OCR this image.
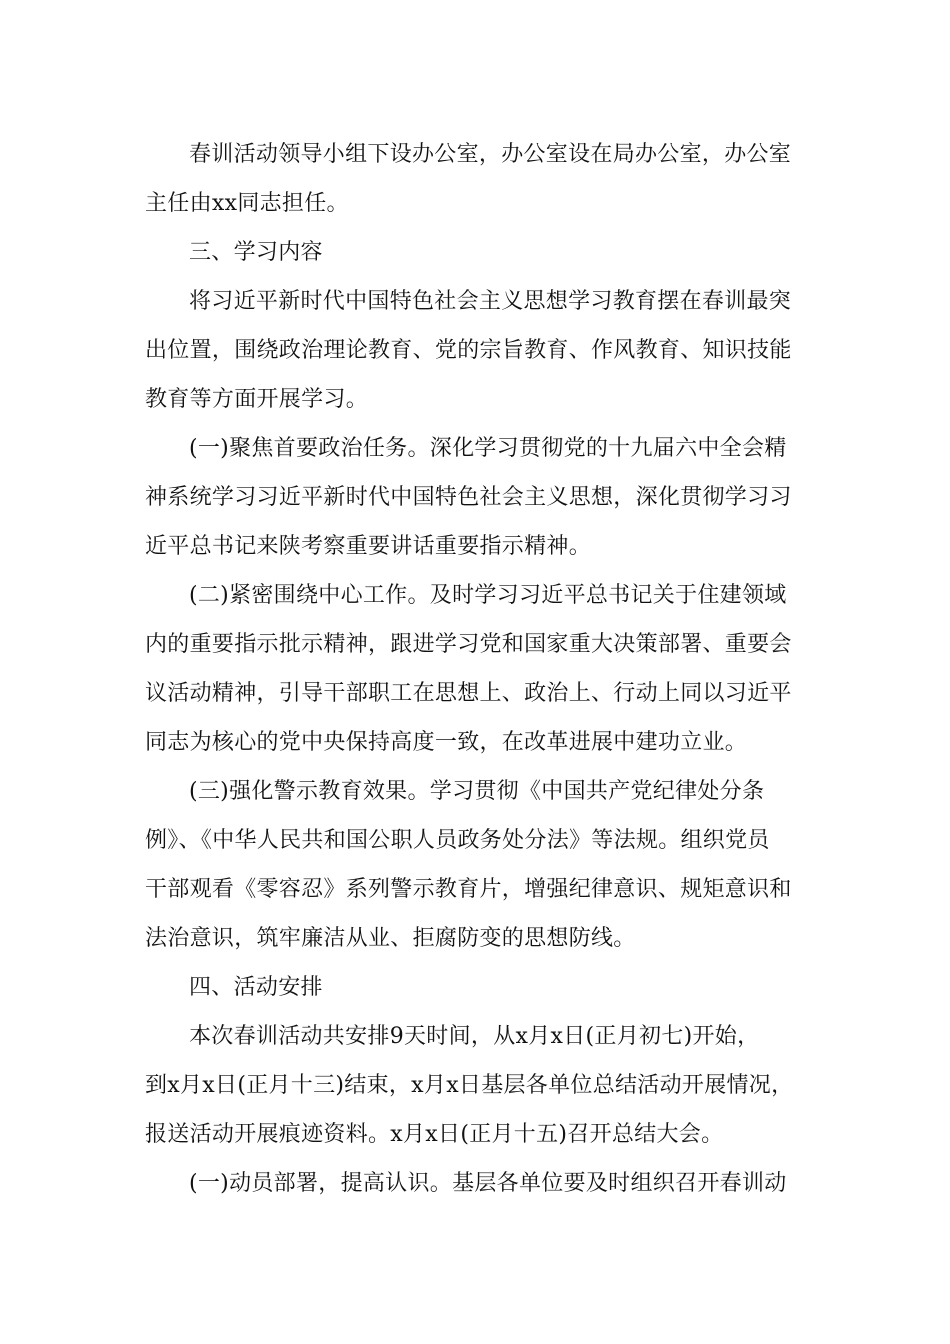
春训活动领导小组下设办公室，办公室设在局办公室，办公室
主任由xx同志担任。
三、学习内容
将习近平新时代中国特色社会主义思想学习教育摆在春训最突
出位置，围绕政治理论教育、党的宗旨教育、作风教育、知识技能
教育等方面开展学习。
(一)聚焦首要政治任务。深化学习贯彻党的十九届六中全会精
神系统学习习近平新时代中国特色社会主义思想，深化贯彻学习习
近平总书记来陕考察重要讲话重要指示精神。
(二)紧密围绕中心工作。及时学习习近平总书记关于住建领域
内的重要指示批示精神，跟进学习党和国家重大决策部署、重要会
议活动精神，引导干部职工在思想上、政治上、行动上同以习近平
同志为核心的党中央保持高度一致，在改革进展中建功立业。
(三)强化警示教育效果。学习贯彻《中国共产党纪律处分条
例》、《中华人民共和国公职人员政务处分法》等法规。组织党员
干部观看《零容忍》系列警示教育片，增强纪律意识、规矩意识和
法治意识，筑牢廉洁从业、拒腐防变的思想防线。
四、活动安排
本次春训活动共安排9天时间，从x月x日(正月初七)开始，
到x月x日(正月十三)结束，x月x日基层各单位总结活动开展情况，
报送活动开展痕迹资料。x月x日(正月十五)召开总结大会。
(一)动员部署，提高认识。基层各单位要及时组织召开春训动
